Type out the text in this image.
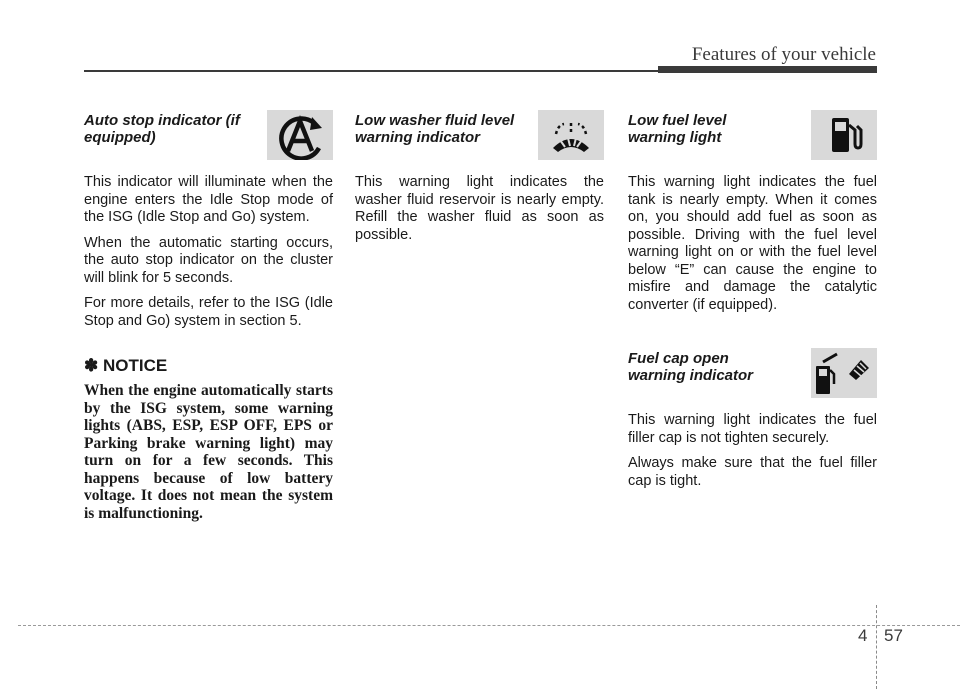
Features of your vehicle

Auto stop indicator (if equipped)

This indicator will illuminate when the engine enters the Idle Stop mode of the ISG (Idle Stop and Go) system.

When the automatic starting occurs, the auto stop indicator on the cluster will blink for 5 seconds.

For more details, refer to the ISG (Idle Stop and Go) system in section 5.

✽ NOTICE

When the engine automatically starts by the ISG system, some warning lights (ABS, ESP, ESP OFF, EPS or Parking brake warning light) may turn on for a few seconds. This happens because of low battery voltage. It does not mean the system is malfunctioning.

Low washer fluid level warning indicator

This warning light indicates the washer fluid reservoir is nearly empty. Refill the washer fluid as soon as possible.

Low fuel level warning light

This warning light indicates the fuel tank is nearly empty. When it comes on, you should add fuel as soon as possible. Driving with the fuel level warning light on or with the fuel level below “E” can cause the engine to misfire and damage the catalytic converter (if equipped).

Fuel cap open warning indicator

This warning light indicates the fuel filler cap is not tighten securely.

Always make sure that the fuel filler cap is tight.

4 57
